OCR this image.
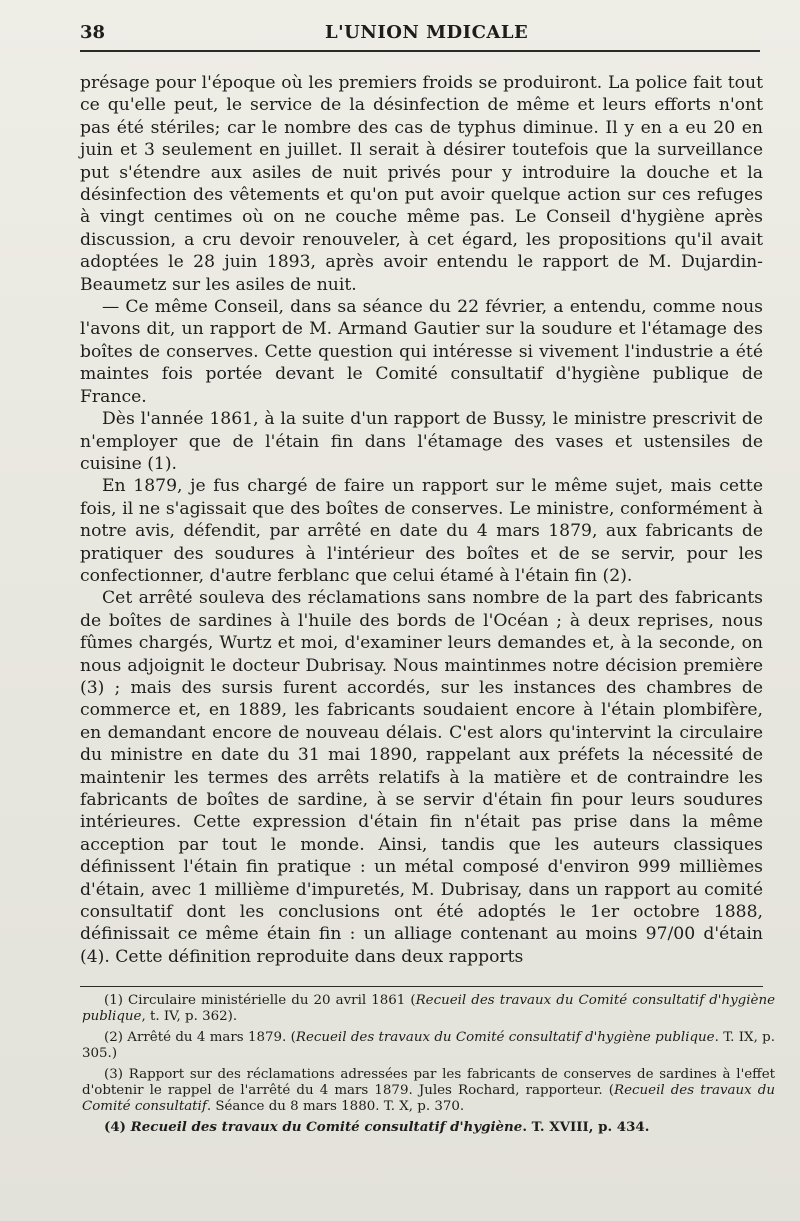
38	L'UNION MDICALE

présage pour l'époque où les premiers froids se produiront. La police fait tout ce qu'elle peut, le service de la désinfection de même et leurs efforts n'ont pas été stériles; car le nombre des cas de typhus diminue. Il y en a eu 20 en juin et 3 seulement en juillet. Il serait à désirer toutefois que la surveillance put s'étendre aux asiles de nuit privés pour y introduire la douche et la désinfection des vêtements et qu'on put avoir quelque action sur ces refuges à vingt centimes où on ne couche même pas. Le Conseil d'hygiène après discussion, a cru devoir renouveler, à cet égard, les propositions qu'il avait adoptées le 28 juin 1893, après avoir entendu le rapport de M. Dujardin-Beaumetz sur les asiles de nuit.

— Ce même Conseil, dans sa séance du 22 février, a entendu, comme nous l'avons dit, un rapport de M. Armand Gautier sur la soudure et l'étamage des boîtes de conserves. Cette question qui intéresse si vivement l'industrie a été maintes fois portée devant le Comité consultatif d'hygiène publique de France.

Dès l'année 1861, à la suite d'un rapport de Bussy, le ministre prescrivit de n'employer que de l'étain fin dans l'étamage des vases et ustensiles de cuisine (1).

En 1879, je fus chargé de faire un rapport sur le même sujet, mais cette fois, il ne s'agissait que des boîtes de conserves. Le ministre, conformément à notre avis, défendit, par arrêté en date du 4 mars 1879, aux fabricants de pratiquer des soudures à l'intérieur des boîtes et de se servir, pour les confectionner, d'autre ferblanc que celui étamé à l'étain fin (2).

Cet arrêté souleva des réclamations sans nombre de la part des fabricants de boîtes de sardines à l'huile des bords de l'Océan ; à deux reprises, nous fûmes chargés, Wurtz et moi, d'examiner leurs demandes et, à la seconde, on nous adjoignit le docteur Dubrisay. Nous maintinmes notre décision première (3) ; mais des sursis furent accordés, sur les instances des chambres de commerce et, en 1889, les fabricants soudaient encore à l'étain plombifère, en demandant encore de nouveau délais. C'est alors qu'intervint la circulaire du ministre en date du 31 mai 1890, rappelant aux préfets la nécessité de maintenir les termes des arrêts relatifs à la matière et de contraindre les fabricants de boîtes de sardine, à se servir d'étain fin pour leurs soudures intérieures. Cette expression d'étain fin n'était pas prise dans la même acception par tout le monde. Ainsi, tandis que les auteurs classiques définissent l'étain fin pratique : un métal composé d'environ 999 millièmes d'étain, avec 1 millième d'impuretés, M. Dubrisay, dans un rapport au comité consultatif dont les conclusions ont été adoptés le 1er octobre 1888, définissait ce même étain fin : un alliage contenant au moins 97/00 d'étain (4). Cette définition reproduite dans deux rapports

(1) Circulaire ministérielle du 20 avril 1861 (Recueil des travaux du Comité consultatif d'hygiène publique, t. IV, p. 362).

(2) Arrêté du 4 mars 1879. (Recueil des travaux du Comité consultatif d'hygiène publique. T. IX, p. 305.)

(3) Rapport sur des réclamations adressées par les fabricants de conserves de sardines à l'effet d'obtenir le rappel de l'arrêté du 4 mars 1879. Jules Rochard, rapporteur. (Recueil des travaux du Comité consultatif. Séance du 8 mars 1880. T. X, p. 370.

(4) Recueil des travaux du Comité consultatif d'hygiène. T. XVIII, p. 434.
